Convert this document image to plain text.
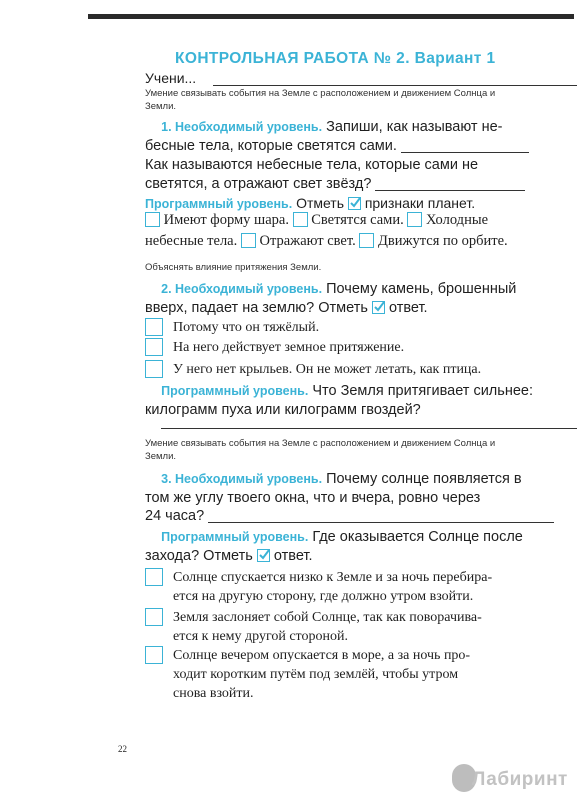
КОНТРОЛЬНАЯ РАБОТА № 2. Вариант 1
Учени...
Умение связывать события на Земле с расположением и движением Солнца и
Земли.
1. Необходимый уровень. Запиши, как называют не-
бесные тела, которые светятся сами.
Как называются небесные тела, которые сами не
светятся, а отражают свет звёзд?
Программный уровень. Отметь признаки планет.
Имеют форму шара. Светятся сами. Холодные
небесные тела. Отражают свет. Движутся по орбите.
Объяснять влияние притяжения Земли.
2. Необходимый уровень. Почему камень, брошенный
вверх, падает на землю? Отметь ответ.
Потому что он тяжёлый.
На него действует земное притяжение.
У него нет крыльев. Он не может летать, как птица.
Программный уровень. Что Земля притягивает сильнее:
килограмм пуха или килограмм гвоздей?
Умение связывать события на Земле с расположением и движением Солнца и
Земли.
3. Необходимый уровень. Почему солнце появляется в
том же углу твоего окна, что и вчера, ровно через
24 часа?
Программный уровень. Где оказывается Солнце после
захода? Отметь ответ.
Солнце спускается низко к Земле и за ночь перебира-
ется на другую сторону, где должно утром взойти.
Земля заслоняет собой Солнце, так как поворачива-
ется к нему другой стороной.
Солнце вечером опускается в море, а за ночь про-
ходит коротким путём под землёй, чтобы утром
снова взойти.
22
Лабиринт
